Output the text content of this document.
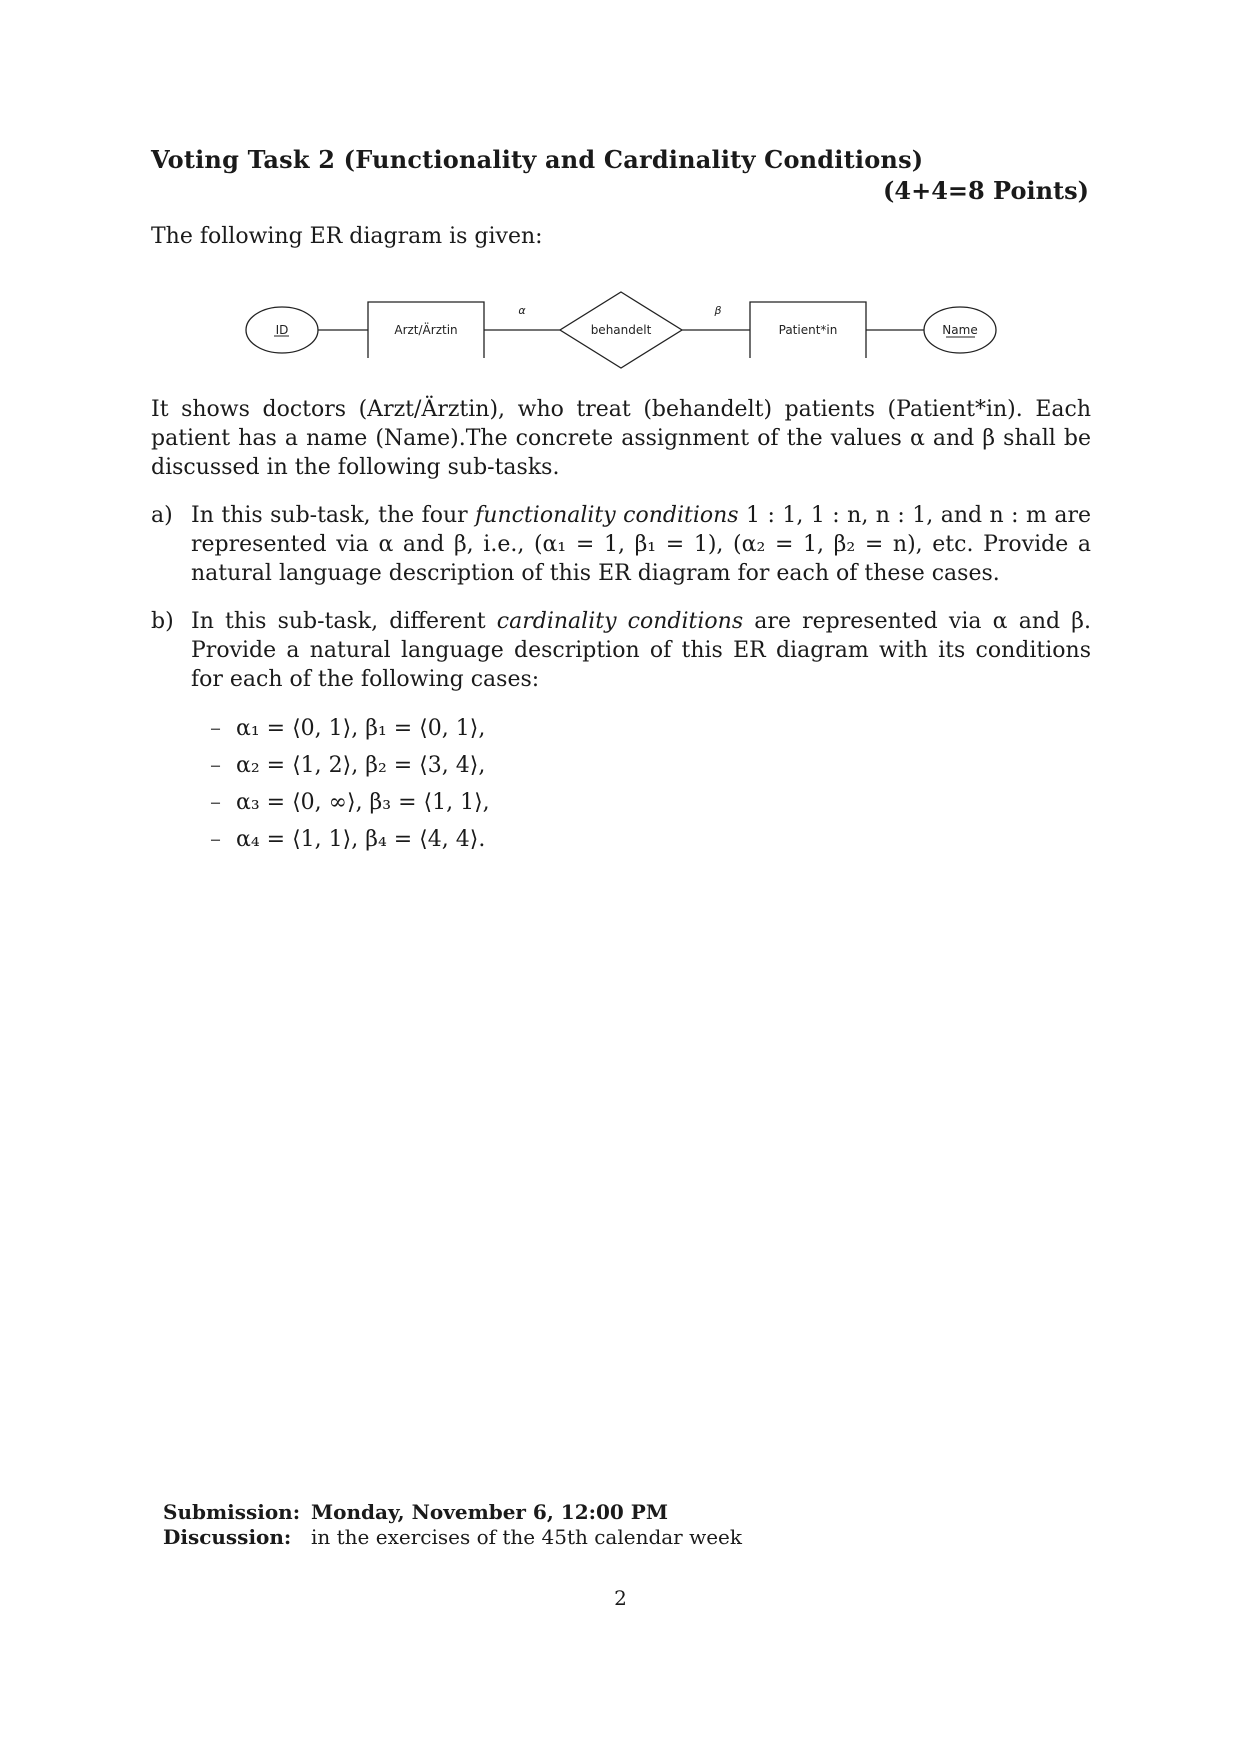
Voting Task 2 (Functionality and Cardinality Conditions)
(4+4=8 Points)
The following ER diagram is given:
ID	Arzt/Ärztin	behandelt	Patient*in	Name
α	β
It shows doctors (Arzt/Ärztin), who treat (behandelt) patients (Patient*in). Each patient has a name (Name).The concrete assignment of the values α and β shall be discussed in the following sub-tasks.
a) In this sub-task, the four functionality conditions 1 : 1, 1 : n, n : 1, and n : m are represented via α and β, i.e., (α₁ = 1, β₁ = 1), (α₂ = 1, β₂ = n), etc. Provide a natural language description of this ER diagram for each of these cases.
b) In this sub-task, different cardinality conditions are represented via α and β. Provide a natural language description of this ER diagram with its conditions for each of the following cases:
– α₁ = ⟨0, 1⟩, β₁ = ⟨0, 1⟩,
– α₂ = ⟨1, 2⟩, β₂ = ⟨3, 4⟩,
– α₃ = ⟨0, ∞⟩, β₃ = ⟨1, 1⟩,
– α₄ = ⟨1, 1⟩, β₄ = ⟨4, 4⟩.
Submission: Monday, November 6, 12:00 PM
Discussion: in the exercises of the 45th calendar week
2
